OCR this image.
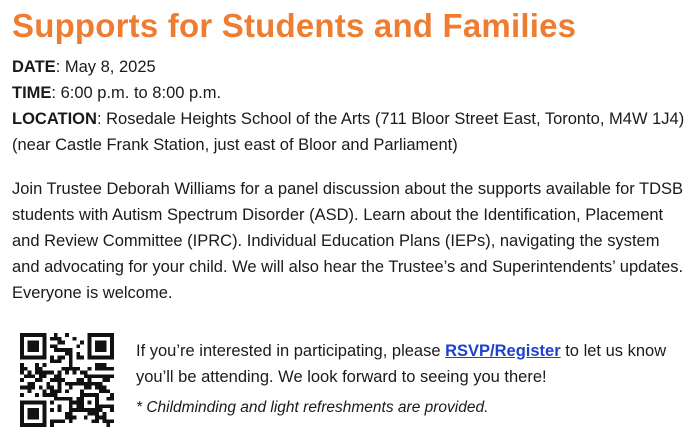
Supports for Students and Families
DATE: May 8, 2025
TIME: 6:00 p.m. to 8:00 p.m.
LOCATION: Rosedale Heights School of the Arts (711 Bloor Street East, Toronto, M4W 1J4) (near Castle Frank Station, just east of Bloor and Parliament)
Join Trustee Deborah Williams for a panel discussion about the supports available for TDSB students with Autism Spectrum Disorder (ASD). Learn about the Identification, Placement and Review Committee (IPRC). Individual Education Plans (IEPs), navigating the system and advocating for your child. We will also hear the Trustee’s and Superintendents’ updates. Everyone is welcome.
If you’re interested in participating, please RSVP/Register to let us know you’ll be attending. We look forward to seeing you there!
* Childminding and light refreshments are provided.
